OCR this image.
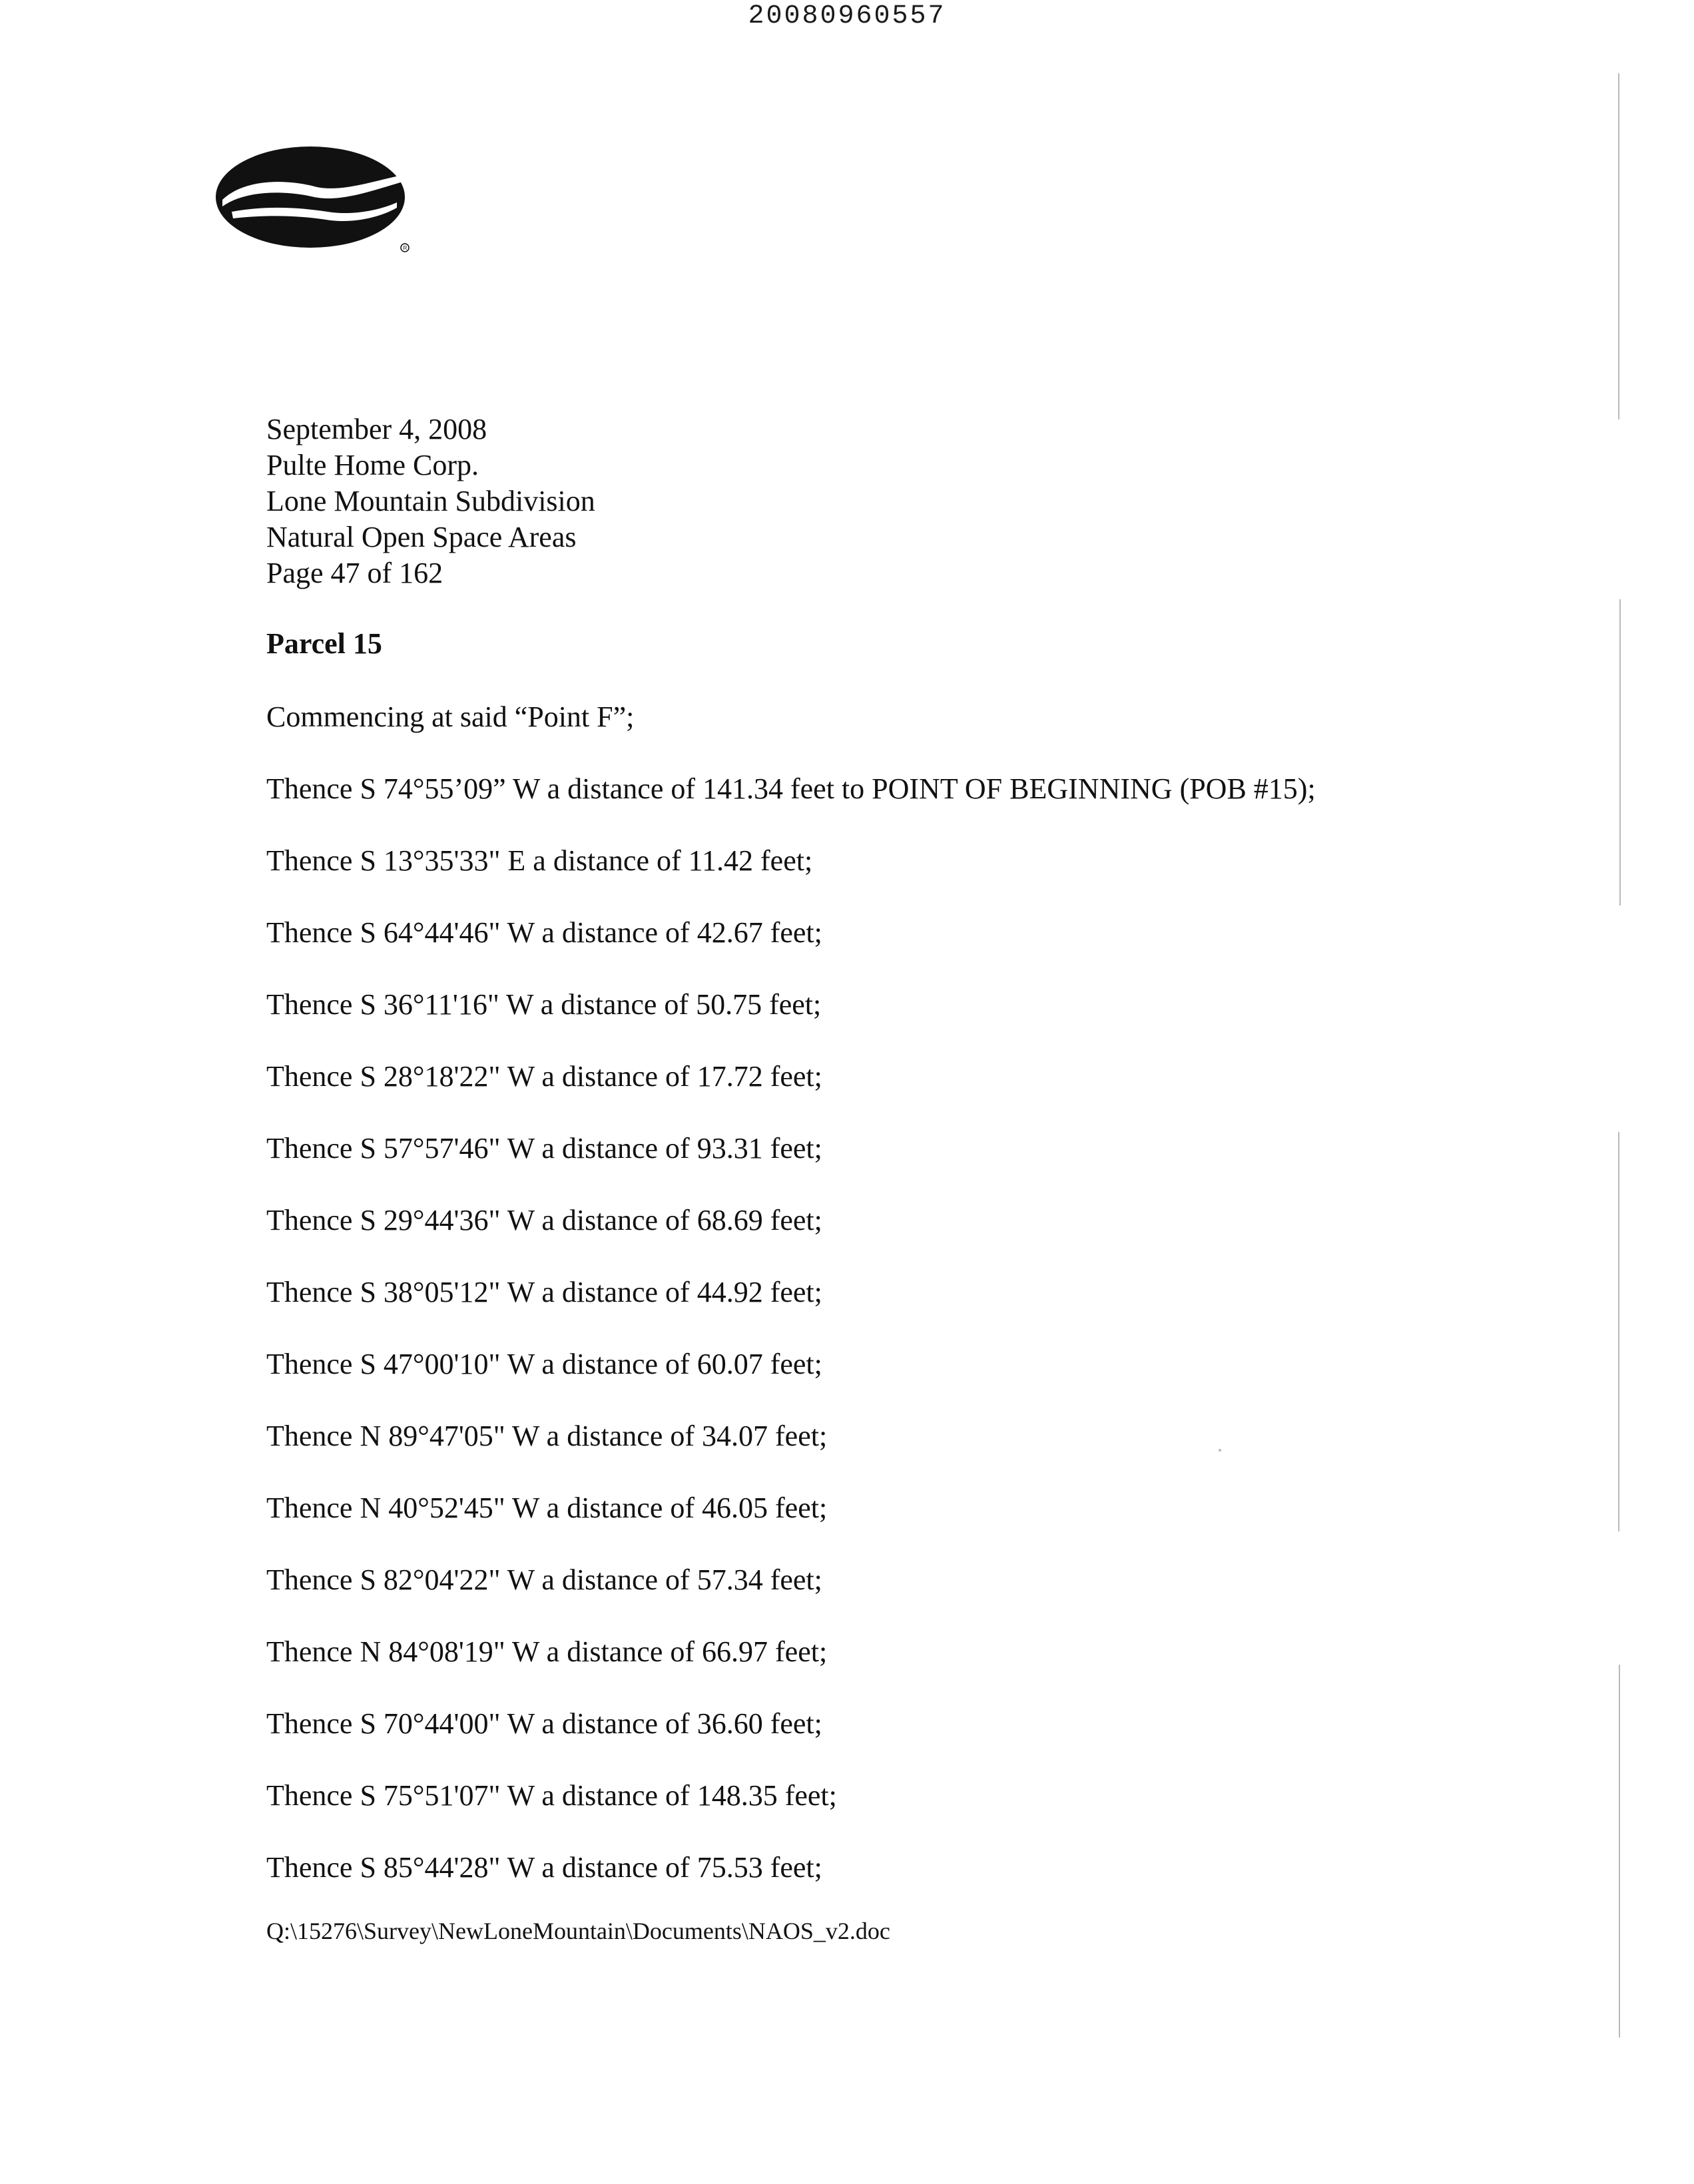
20080960557
R
September 4, 2008
Pulte Home Corp.
Lone Mountain Subdivision
Natural Open Space Areas
Page 47 of 162
Parcel 15
Commencing at said “Point F”;
Thence S 74°55’09” W a distance of 141.34 feet to POINT OF BEGINNING (POB #15);
Thence S 13°35'33" E a distance of 11.42 feet;
Thence S 64°44'46" W a distance of 42.67 feet;
Thence S 36°11'16" W a distance of 50.75 feet;
Thence S 28°18'22" W a distance of 17.72 feet;
Thence S 57°57'46" W a distance of 93.31 feet;
Thence S 29°44'36" W a distance of 68.69 feet;
Thence S 38°05'12" W a distance of 44.92 feet;
Thence S 47°00'10" W a distance of 60.07 feet;
Thence N 89°47'05" W a distance of 34.07 feet;
Thence N 40°52'45" W a distance of 46.05 feet;
Thence S 82°04'22" W a distance of 57.34 feet;
Thence N 84°08'19" W a distance of 66.97 feet;
Thence S 70°44'00" W a distance of 36.60 feet;
Thence S 75°51'07" W a distance of 148.35 feet;
Thence S 85°44'28" W a distance of 75.53 feet;
Q:\15276\Survey\NewLoneMountain\Documents\NAOS_v2.doc
